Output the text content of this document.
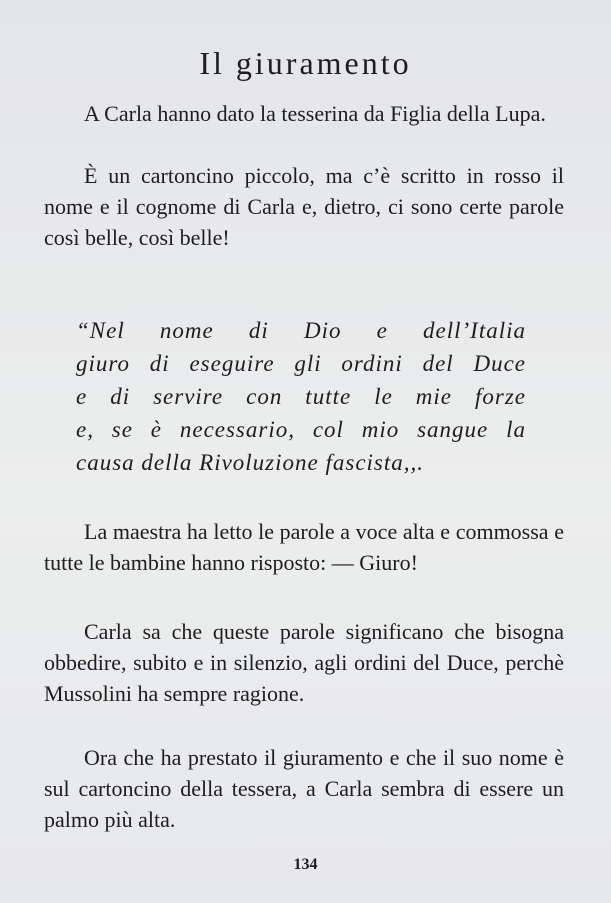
Il giuramento

A Carla hanno dato la tesserina da Figlia della Lupa.

È un cartoncino piccolo, ma c’è scritto in rosso il nome e il cognome di Carla e, dietro, ci sono certe parole così belle, così belle!

“Nel nome di Dio e dell’Italia
giuro di eseguire gli ordini del Duce
e di servire con tutte le mie forze
e, se è necessario, col mio sangue la
causa della Rivoluzione fascista,,.

La maestra ha letto le parole a voce alta e commossa e tutte le bambine hanno risposto: — Giuro!

Carla sa che queste parole significano che bisogna obbedire, subito e in silenzio, agli ordini del Duce, perchè Mussolini ha sempre ragione.

Ora che ha prestato il giuramento e che il suo nome è sul cartoncino della tessera, a Carla sembra di essere un palmo più alta.

134
